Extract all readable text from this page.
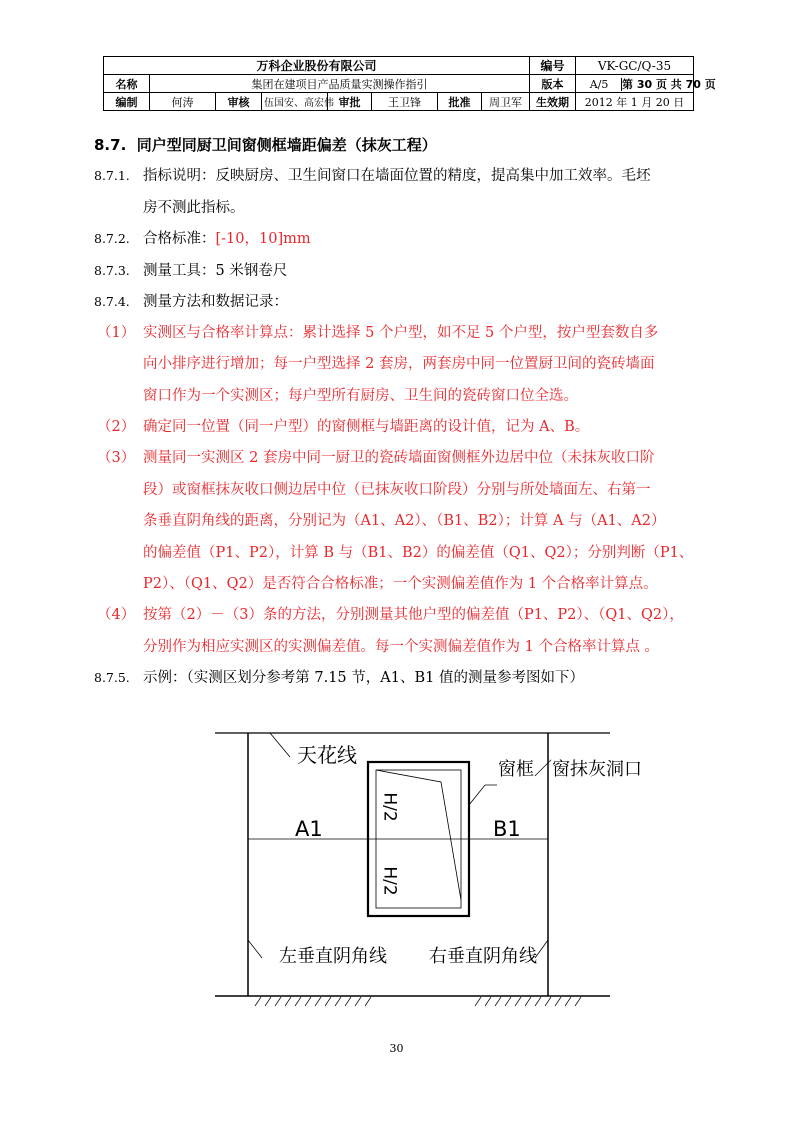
万科企业股份有限公司								编号	VK-GC/Q-35
名称	集团在建项目产品质量实测操作指引							版本	A/5 第 30 页 共 70 页
编制	何涛	审核	伍国安、高宏伟	审批	王卫锋	批准	周卫军	生效期	2012 年 1 月 20 日
8.7. 同户型同厨卫间窗侧框墙距偏差（抹灰工程）
8.7.1. 指标说明：反映厨房、卫生间窗口在墙面位置的精度，提高集中加工效率。毛坯
房不测此指标。
8.7.2. 合格标准：[-10，10]mm
8.7.3. 测量工具：5 米钢卷尺
8.7.4. 测量方法和数据记录：
（1） 实测区与合格率计算点：累计选择 5 个户型，如不足 5 个户型，按户型套数自多
向小排序进行增加；每一户型选择 2 套房，两套房中同一位置厨卫间的瓷砖墙面
窗口作为一个实测区；每户型所有厨房、卫生间的瓷砖窗口位全选。
（2） 确定同一位置（同一户型）的窗侧框与墙距离的设计值，记为 A、B。
（3） 测量同一实测区 2 套房中同一厨卫的瓷砖墙面窗侧框外边居中位（未抹灰收口阶
段）或窗框抹灰收口侧边居中位（已抹灰收口阶段）分别与所处墙面左、右第一
条垂直阴角线的距离，分别记为（A1、A2）、（B1、B2）；计算 A 与（A1、A2）
的偏差值（P1、P2），计算 B 与（B1、B2）的偏差值（Q1、Q2）；分别判断（P1、
P2）、（Q1、Q2）是否符合合格标准；一个实测偏差值作为 1 个合格率计算点。
（4） 按第（2）－（3）条的方法，分别测量其他户型的偏差值（P1、P2）、（Q1、Q2），
分别作为相应实测区的实测偏差值。每一个实测偏差值作为 1 个合格率计算点 。
8.7.5. 示例：（实测区划分参考第 7.15 节，A1、B1 值的测量参考图如下）
天花线
窗框／窗抹灰洞口
A1	B1
H/2
H/2
左垂直阴角线 右垂直阴角线
30
